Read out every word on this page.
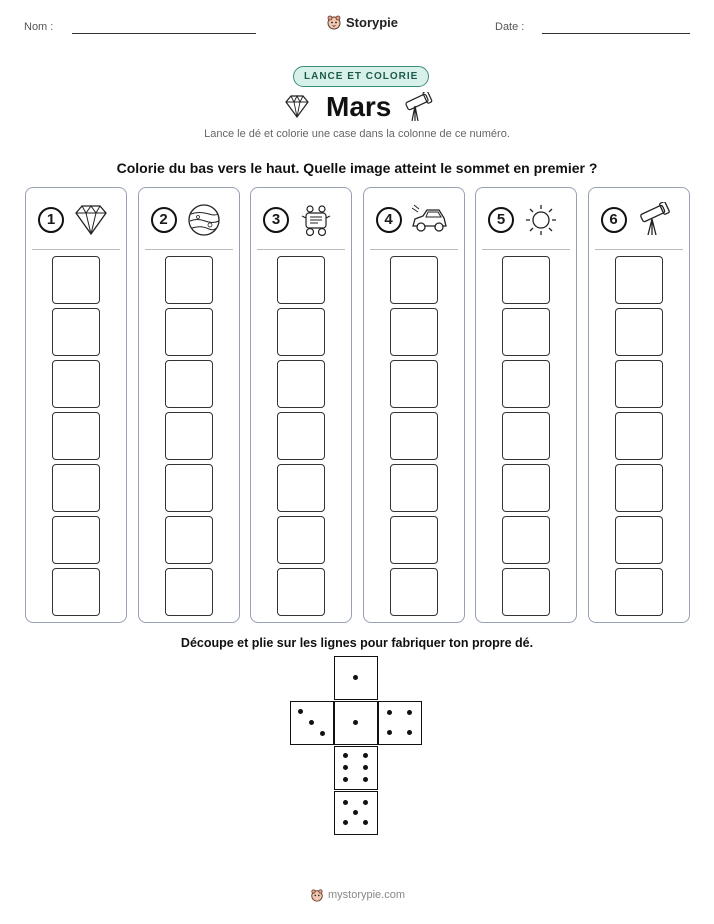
Nom :	Storypie	Date :
LANCE ET COLORIE
Mars
Lance le dé et colorie une case dans la colonne de ce numéro.
Colorie du bas vers le haut. Quelle image atteint le sommet en premier ?
1	2	3	4	5	6
Découpe et plie sur les lignes pour fabriquer ton propre dé.
mystorypie.com
